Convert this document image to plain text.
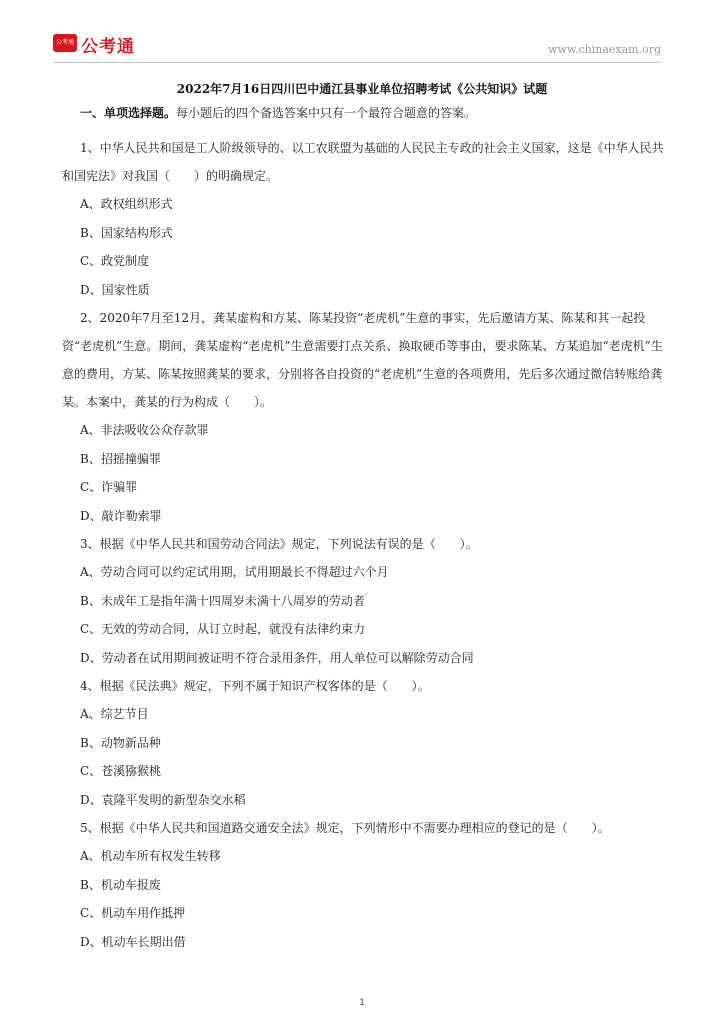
公考通 公考通	www.chinaexam.org
2022年7月16日四川巴中通江县事业单位招聘考试《公共知识》试题
一、单项选择题。每小题后的四个备选答案中只有一个最符合题意的答案。
1、中华人民共和国是工人阶级领导的、以工农联盟为基础的人民民主专政的社会主义国家，这是《中华人民共和国宪法》对我国（　　）的明确规定。
A、政权组织形式
B、国家结构形式
C、政党制度
D、国家性质
2、2020年7月至12月，龚某虚构和方某、陈某投资“老虎机”生意的事实，先后邀请方某、陈某和其一起投资“老虎机”生意。期间，龚某虚构“老虎机”生意需要打点关系、换取硬币等事由，要求陈某、方某追加“老虎机”生意的费用，方某、陈某按照龚某的要求，分别将各自投资的“老虎机”生意的各项费用，先后多次通过微信转账给龚某。本案中，龚某的行为构成（　　）。
A、非法吸收公众存款罪
B、招摇撞骗罪
C、诈骗罪
D、敲诈勒索罪
3、根据《中华人民共和国劳动合同法》规定，下列说法有误的是（　　）。
A、劳动合同可以约定试用期，试用期最长不得超过六个月
B、未成年工是指年满十四周岁未满十八周岁的劳动者
C、无效的劳动合同，从订立时起，就没有法律约束力
D、劳动者在试用期间被证明不符合录用条件，用人单位可以解除劳动合同
4、根据《民法典》规定，下列不属于知识产权客体的是（　　）。
A、综艺节目
B、动物新品种
C、苍溪猕猴桃
D、袁隆平发明的新型杂交水稻
5、根据《中华人民共和国道路交通安全法》规定，下列情形中不需要办理相应的登记的是（　　）。
A、机动车所有权发生转移
B、机动车报废
C、机动车用作抵押
D、机动车长期出借
1
